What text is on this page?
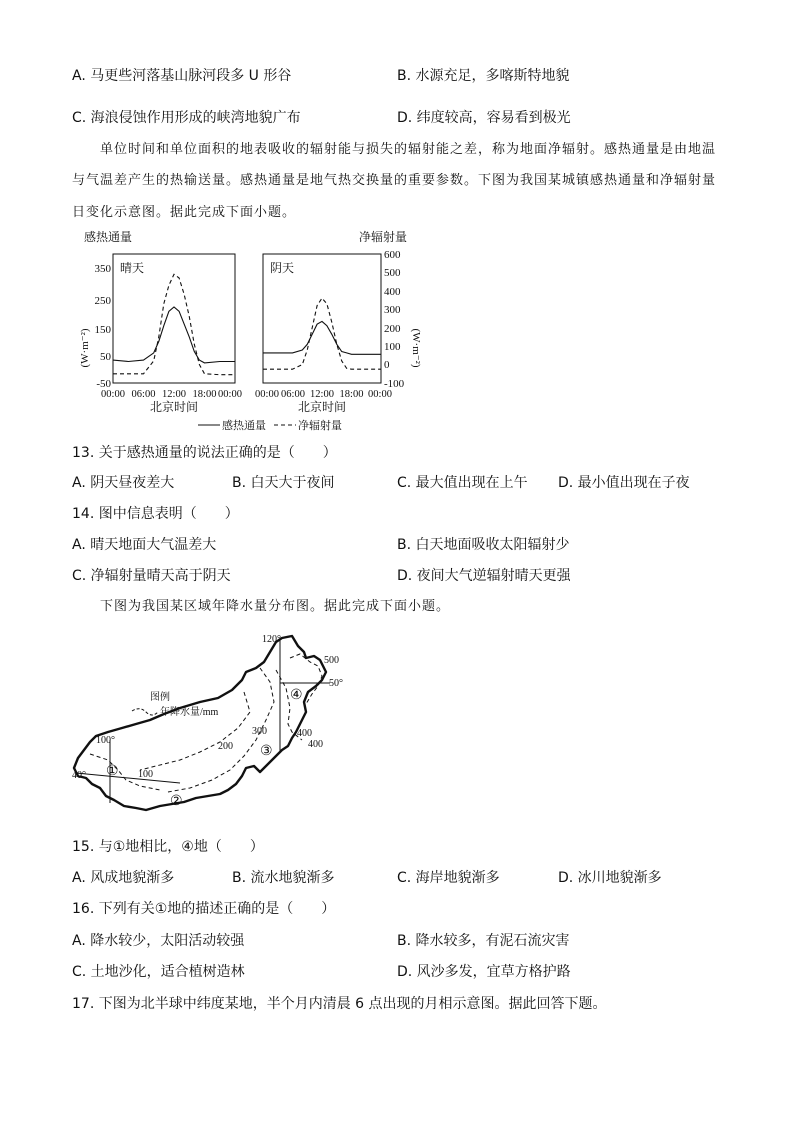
A. 马更些河落基山脉河段多 U 形谷	B. 水源充足，多喀斯特地貌
C. 海浪侵蚀作用形成的峡湾地貌广布	D. 纬度较高，容易看到极光
单位时间和单位面积的地表吸收的辐射能与损失的辐射能之差，称为地面净辐射。感热通量是由地温
与气温差产生的热输送量。感热通量是地气热交换量的重要参数。下图为我国某城镇感热通量和净辐射量
日变化示意图。据此完成下面小题。
感热通量	净辐射量
(W·m⁻²)	(W·m⁻²)
晴天	阴天
350
250
150
50
-50
600
500
400
300
200
100
0
-100
00:00 06:00 12:00 18:00 00:00 00:00 06:00 12:00 18:00 00:00
北京时间	北京时间
感热通量	净辐射量
13. 关于感热通量的说法正确的是（　　）
A. 阴天昼夜差大	B. 白天大于夜间	C. 最大值出现在上午 D. 最小值出现在子夜
14. 图中信息表明（　　）
A. 晴天地面大气温差大	B. 白天地面吸收太阳辐射少
C. 净辐射量晴天高于阴天	D. 夜间大气逆辐射晴天更强
下图为我国某区域年降水量分布图。据此完成下面小题。
图例
年降水量/mm
120°
100°
50°
40°
500
400
400
300
200
100
④
③
②
①
15. 与①地相比，④地（　　）
A. 风成地貌渐多	B. 流水地貌渐多	C. 海岸地貌渐多	D. 冰川地貌渐多
16. 下列有关①地的描述正确的是（　　）
A. 降水较少，太阳活动较强	B. 降水较多，有泥石流灾害
C. 土地沙化，适合植树造林	D. 风沙多发，宜草方格护路
17. 下图为北半球中纬度某地，半个月内清晨 6 点出现的月相示意图。据此回答下题。
